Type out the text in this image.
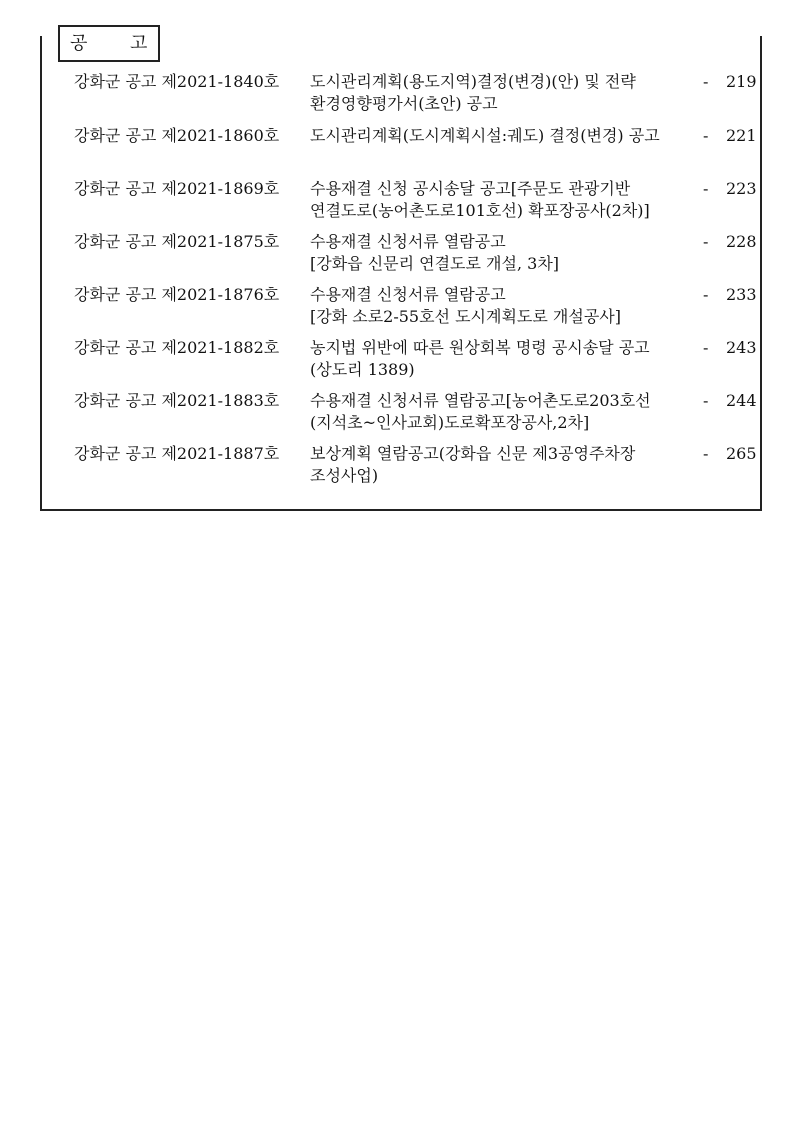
공 고
강화군 공고 제2021-1840호 도시관리계획(용도지역)결정(변경)(안) 및 전략
환경영향평가서(초안) 공고
- 219
강화군 공고 제2021-1860호 도시관리계획(도시계획시설:궤도) 결정(변경) 공고	- 221
강화군 공고 제2021-1869호 수용재결 신청 공시송달 공고[주문도 관광기반
연결도로(농어촌도로101호선) 확포장공사(2차)]
- 223
강화군 공고 제2021-1875호 수용재결 신청서류 열람공고
[강화읍 신문리 연결도로 개설, 3차]
- 228
강화군 공고 제2021-1876호 수용재결 신청서류 열람공고
[강화 소로2-55호선 도시계획도로 개설공사]
- 233
강화군 공고 제2021-1882호 농지법 위반에 따른 원상회복 명령 공시송달 공고
(상도리 1389)
- 243
강화군 공고 제2021-1883호 수용재결 신청서류 열람공고[농어촌도로203호선
(지석초~인사교회)도로확포장공사,2차]
- 244
강화군 공고 제2021-1887호 보상계획 열람공고(강화읍 신문 제3공영주차장
조성사업)
- 265
